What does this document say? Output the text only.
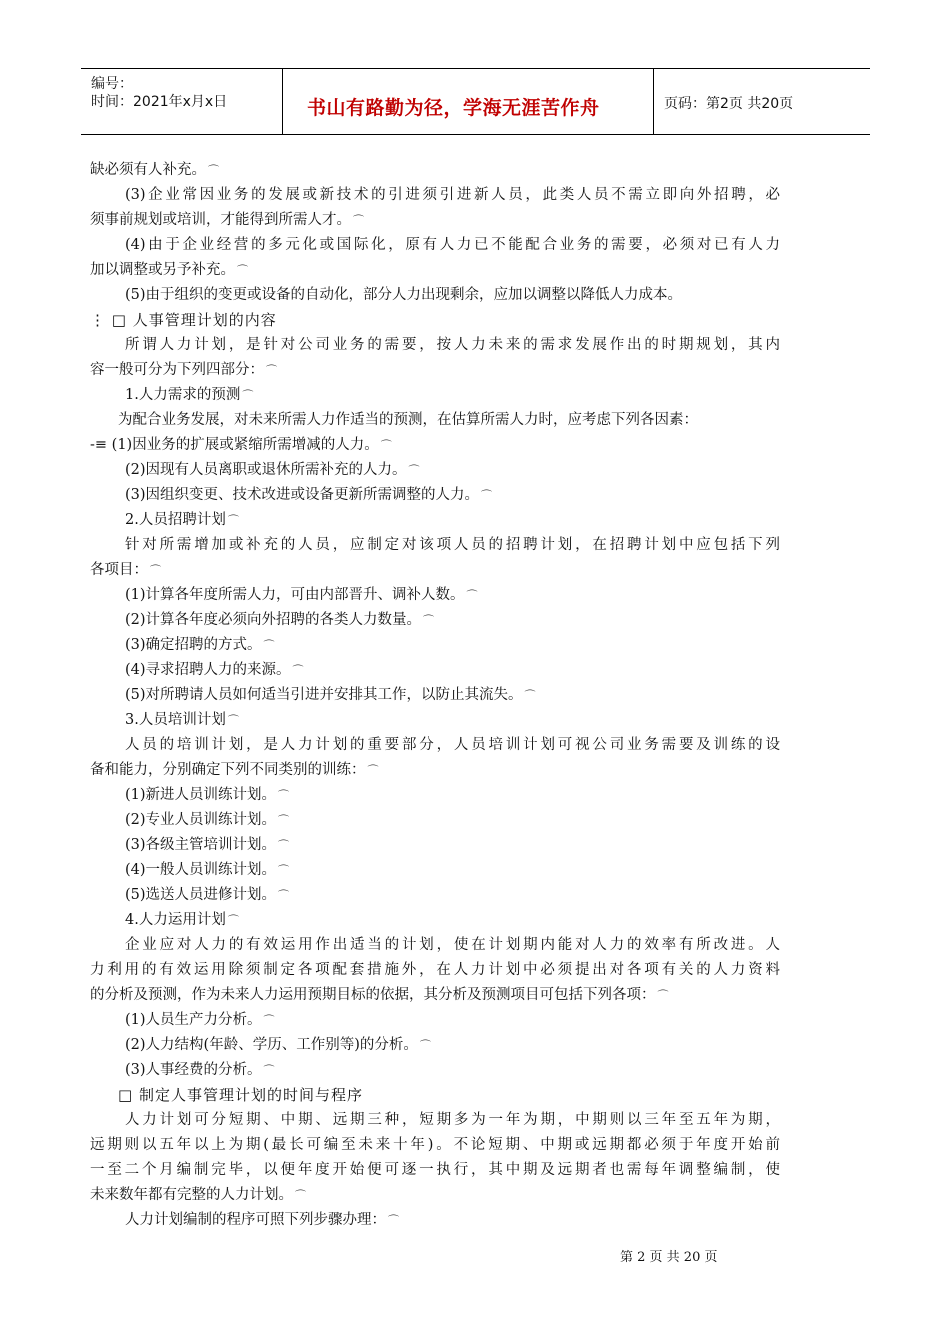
编号：
时间：2021年x月x日	书山有路勤为径，学海无涯苦作舟	页码：第2页 共20页
缺必须有人补充。 ⌒
(3)企业常因业务的发展或新技术的引进须引进新人员，此类人员不需立即向外招聘，必
须事前规划或培训，才能得到所需人才。 ⌒
(4)由于企业经营的多元化或国际化，原有人力已不能配合业务的需要，必须对已有人力
加以调整或另予补充。 ⌒
(5)由于组织的变更或设备的自动化，部分人力出现剩余，应加以调整以降低人力成本。
⋮ □ 人事管理计划的内容
所谓人力计划，是针对公司业务的需要，按人力未来的需求发展作出的时期规划，其内
容一般可分为下列四部分： ⌒
1.人力需求的预测 ⌒
为配合业务发展，对未来所需人力作适当的预测，在估算所需人力时，应考虑下列各因素：
-≡ (1)因业务的扩展或紧缩所需增减的人力。 ⌒
(2)因现有人员离职或退休所需补充的人力。 ⌒
(3)因组织变更、技术改进或设备更新所需调整的人力。 ⌒
2.人员招聘计划 ⌒
针对所需增加或补充的人员，应制定对该项人员的招聘计划，在招聘计划中应包括下列
各项目： ⌒
(1)计算各年度所需人力，可由内部晋升、调补人数。 ⌒
(2)计算各年度必须向外招聘的各类人力数量。 ⌒
(3)确定招聘的方式。 ⌒
(4)寻求招聘人力的来源。 ⌒
(5)对所聘请人员如何适当引进并安排其工作，以防止其流失。 ⌒
3.人员培训计划 ⌒
人员的培训计划，是人力计划的重要部分，人员培训计划可视公司业务需要及训练的设
备和能力，分别确定下列不同类别的训练： ⌒
(1)新进人员训练计划。 ⌒
(2)专业人员训练计划。 ⌒
(3)各级主管培训计划。 ⌒
(4)一般人员训练计划。 ⌒
(5)选送人员进修计划。 ⌒
4.人力运用计划 ⌒
企业应对人力的有效运用作出适当的计划，使在计划期内能对人力的效率有所改进。人
力利用的有效运用除须制定各项配套措施外，在人力计划中必须提出对各项有关的人力资料
的分析及预测，作为未来人力运用预期目标的依据，其分析及预测项目可包括下列各项： ⌒
(1)人员生产力分析。 ⌒
(2)人力结构(年龄、学历、工作别等)的分析。 ⌒
(3)人事经费的分析。 ⌒
□ 制定人事管理计划的时间与程序
人力计划可分短期、中期、远期三种，短期多为一年为期，中期则以三年至五年为期，
远期则以五年以上为期(最长可编至未来十年)。不论短期、中期或远期都必须于年度开始前
一至二个月编制完毕，以便年度开始便可逐一执行，其中期及远期者也需每年调整编制，使
未来数年都有完整的人力计划。 ⌒
人力计划编制的程序可照下列步骤办理： ⌒
第 2 页 共 20 页
